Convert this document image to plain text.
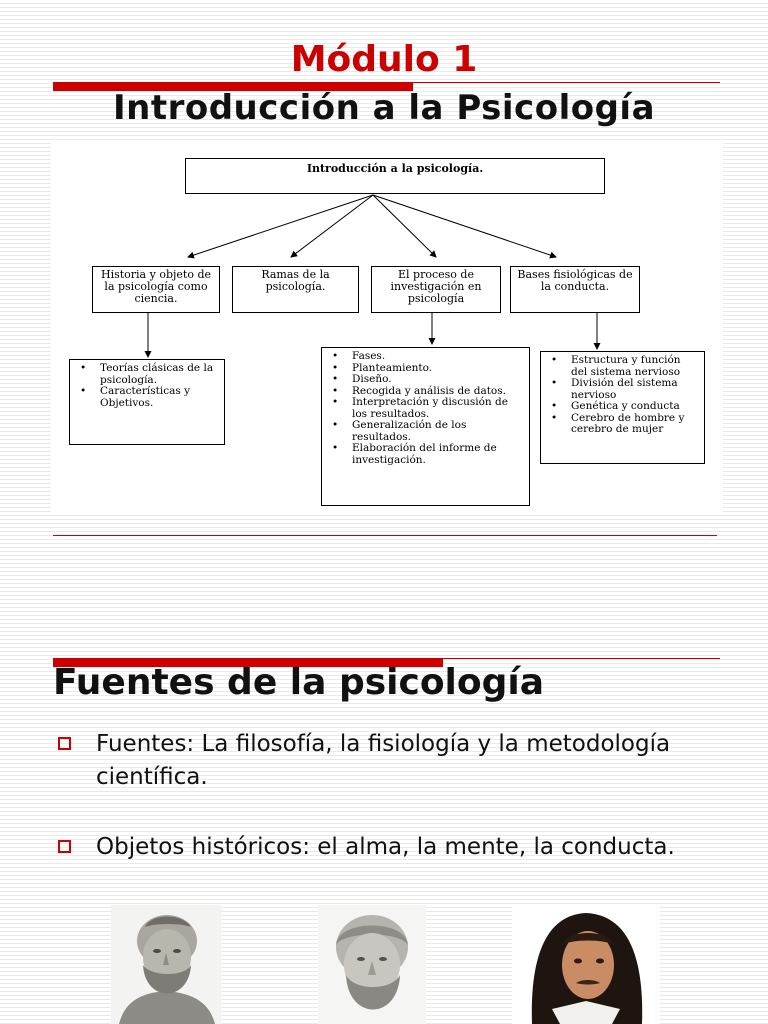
Módulo 1
Introducción a la Psicología
Introducción a la psicología.
Historia y objeto de la psicología como ciencia.
Ramas de la psicología.
El proceso de investigación en psicología
Bases fisiológicas de la conducta.
• Teorías clásicas de la psicología.
• Características y Objetivos.
• Fases.
• Planteamiento.
• Diseño.
• Recogida y análisis de datos.
• Interpretación y discusión de los resultados.
• Generalización de los resultados.
• Elaboración del informe de investigación.
• Estructura y función del sistema nervioso
• División del sistema nervioso
• Genética y conducta
• Cerebro de hombre y cerebro de mujer
Fuentes de la psicología
Fuentes: La filosofía, la fisiología y la metodología científica.
Objetos históricos: el alma, la mente, la conducta.
